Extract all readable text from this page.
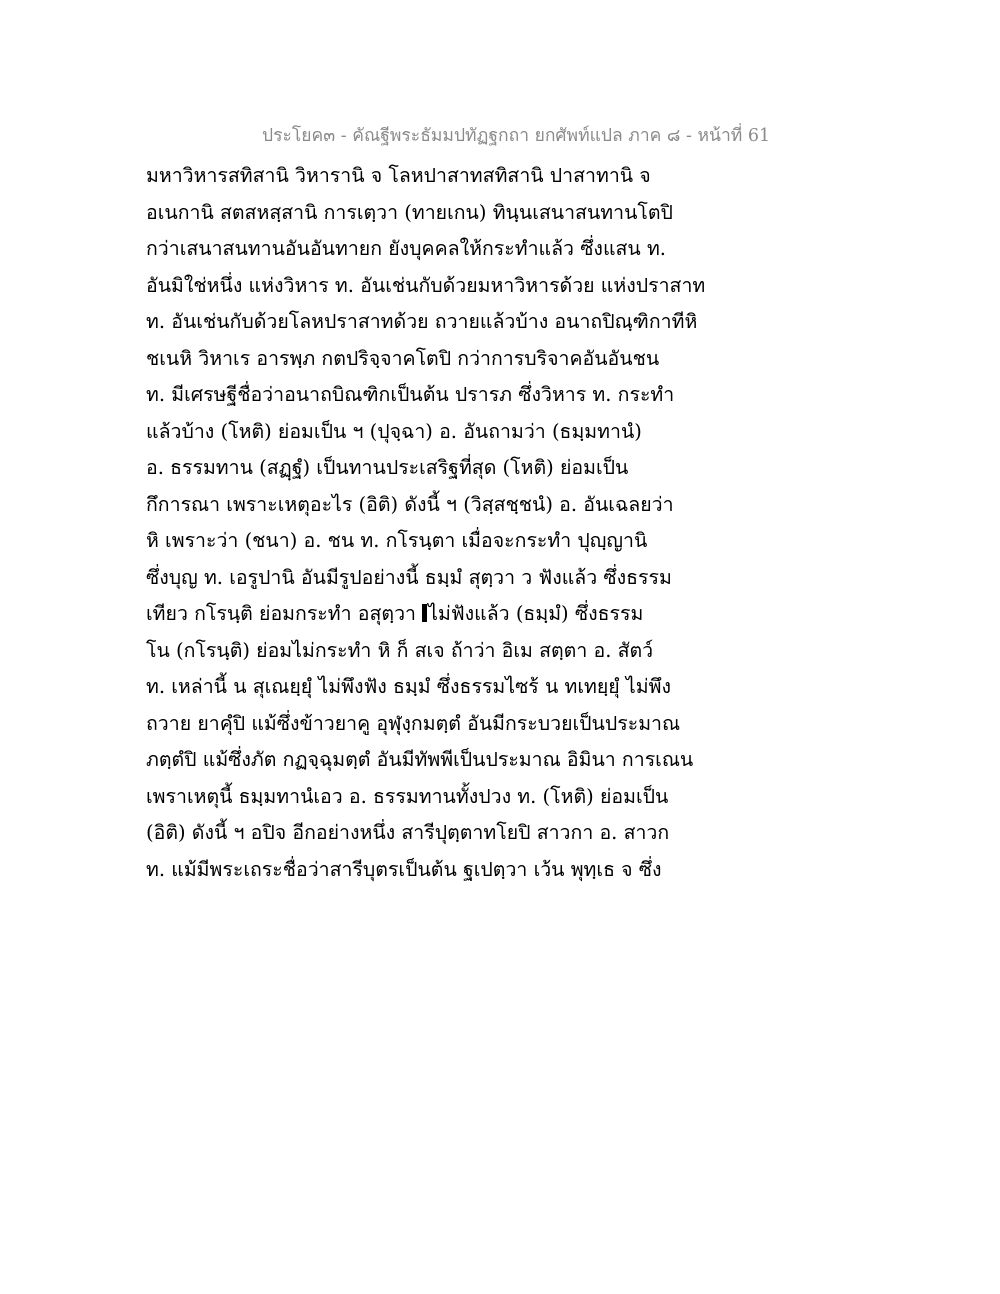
ประโยค๓ - คัณฐีพระธัมมปทัฏฐกถา ยกศัพท์แปล ภาค ๘ - หน้าที่ 61
มหาวิหารสทิสานิ วิหารานิ จ โลหปาสาทสทิสานิ ปาสาทานิ จ
อเนกานิ สตสหสฺสานิ การเตฺวา (ทายเกน) ทินฺนเสนาสนทานโตปิ
กว่าเสนาสนทานอันอันทายก ยังบุคคลให้กระทำแล้ว ซึ่งแสน ท.
อันมิใช่หนึ่ง แห่งวิหาร ท. อันเช่นกับด้วยมหาวิหารด้วย แห่งปราสาท
ท. อันเช่นกับด้วยโลหปราสาทด้วย ถวายแล้วบ้าง อนาถปิณฺฑิกาทีหิ
ชเนหิ วิหาเร อารพฺภ กตปริจฺจาคโตปิ กว่าการบริจาคอันอันชน
ท. มีเศรษฐีชื่อว่าอนาถบิณฑิกเป็นต้น ปรารภ ซึ่งวิหาร ท. กระทำ
แล้วบ้าง (โหติ) ย่อมเป็น ฯ (ปุจฺฉา) อ. อันถามว่า (ธมฺมทานํ)
อ. ธรรมทาน (สฏฺฐํ) เป็นทานประเสริฐที่สุด (โหติ) ย่อมเป็น
กึการณา เพราะเหตุอะไร (อิติ) ดังนี้ ฯ (วิสฺสชฺชนํ) อ. อันเฉลยว่า
หิ เพราะว่า (ชนา) อ. ชน ท. กโรนฺตา เมื่อจะกระทำ ปุญฺญานิ
ซึ่งบุญ ท. เอรูปานิ อันมีรูปอย่างนี้ ธมฺมํ สุตฺวา ว ฟังแล้ว ซึ่งธรรม
เทียว กโรนฺติ ย่อมกระทำ อสุตฺวา ไม่ฟังแล้ว (ธมฺมํ) ซึ่งธรรม
โน (กโรนฺติ) ย่อมไม่กระทำ หิ ก็ สเจ ถ้าว่า อิเม สตฺตา อ. สัตว์
ท. เหล่านี้ น สุเณยฺยุํ ไม่พึงฟัง ธมฺมํ ซึ่งธรรมไซร้ น ทเทยฺยุํ ไม่พึง
ถวาย ยาคุํปิ แม้ซึ่งข้าวยาคู อุฬุงฺกมตฺตํ อันมีกระบวยเป็นประมาณ
ภตฺตํปิ แม้ซึ่งภัต กฏจฺฉุมตฺตํ อันมีทัพพีเป็นประมาณ อิมินา การเณน
เพราเหตุนี้ ธมฺมทานํเอว อ. ธรรมทานทั้งปวง ท. (โหติ) ย่อมเป็น
(อิติ) ดังนี้ ฯ อปิจ อีกอย่างหนึ่ง สารีปุตฺตาทโยปิ สาวกา อ. สาวก
ท. แม้มีพระเถระชื่อว่าสารีบุตรเป็นต้น ฐเปตฺวา เว้น พุทฺเธ จ ซึ่ง
